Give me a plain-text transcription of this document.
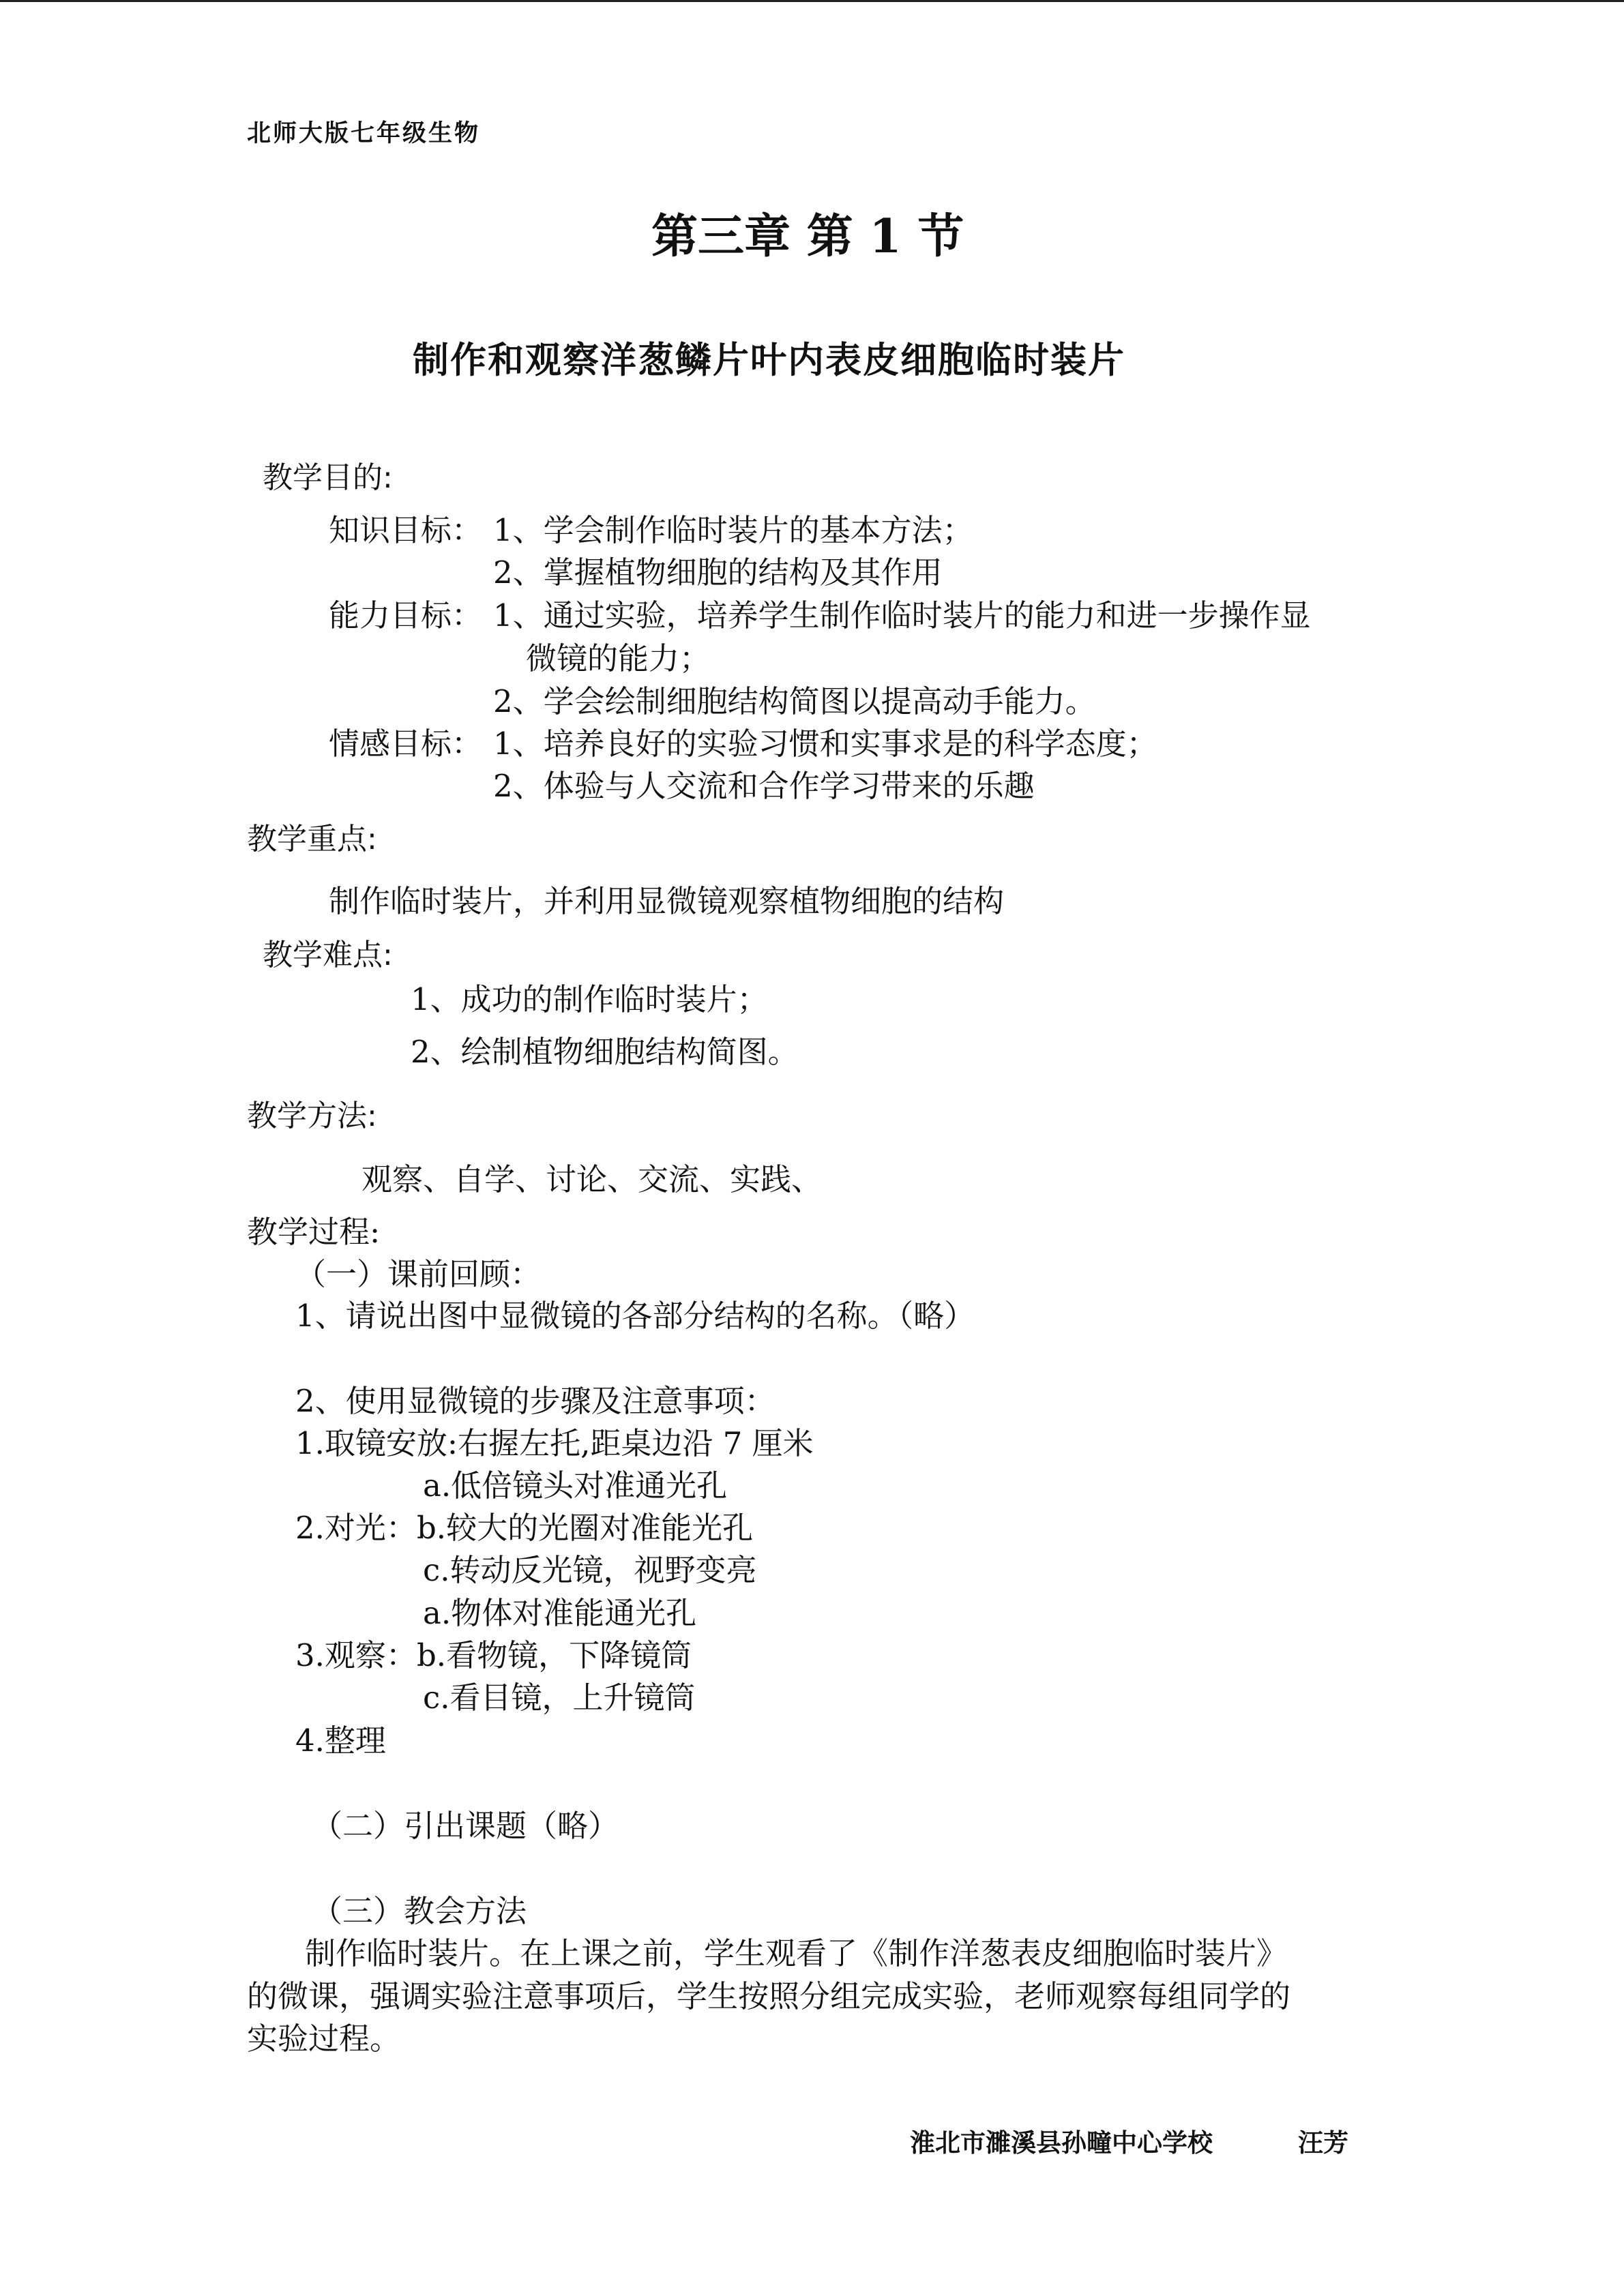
北师大版七年级生物
第三章 第 1 节
制作和观察洋葱鳞片叶内表皮细胞临时装片
教学目的:
知识目标： 1、学会制作临时装片的基本方法；
2、掌握植物细胞的结构及其作用
能力目标： 1、通过实验，培养学生制作临时装片的能力和进一步操作显
微镜的能力；
2、学会绘制细胞结构简图以提高动手能力。
情感目标： 1、培养良好的实验习惯和实事求是的科学态度；
2、体验与人交流和合作学习带来的乐趣
教学重点:
制作临时装片，并利用显微镜观察植物细胞的结构
教学难点:
1、成功的制作临时装片；
2、绘制植物细胞结构简图。
教学方法:
观察、自学、讨论、交流、实践、
教学过程:
（一）课前回顾：
1、请说出图中显微镜的各部分结构的名称。（略）
2、使用显微镜的步骤及注意事项：
1.取镜安放:右握左托,距桌边沿 7 厘米
a.低倍镜头对准通光孔
2.对光： b.较大的光圈对准能光孔
c.转动反光镜，视野变亮
a.物体对准能通光孔
3.观察： b.看物镜，下降镜筒
c.看目镜，上升镜筒
4.整理
（二）引出课题（略）
（三）教会方法
制作临时装片。在上课之前，学生观看了《制作洋葱表皮细胞临时装片》
的微课，强调实验注意事项后，学生按照分组完成实验，老师观察每组同学的
实验过程。
淮北市濉溪县孙疃中心学校	汪芳
